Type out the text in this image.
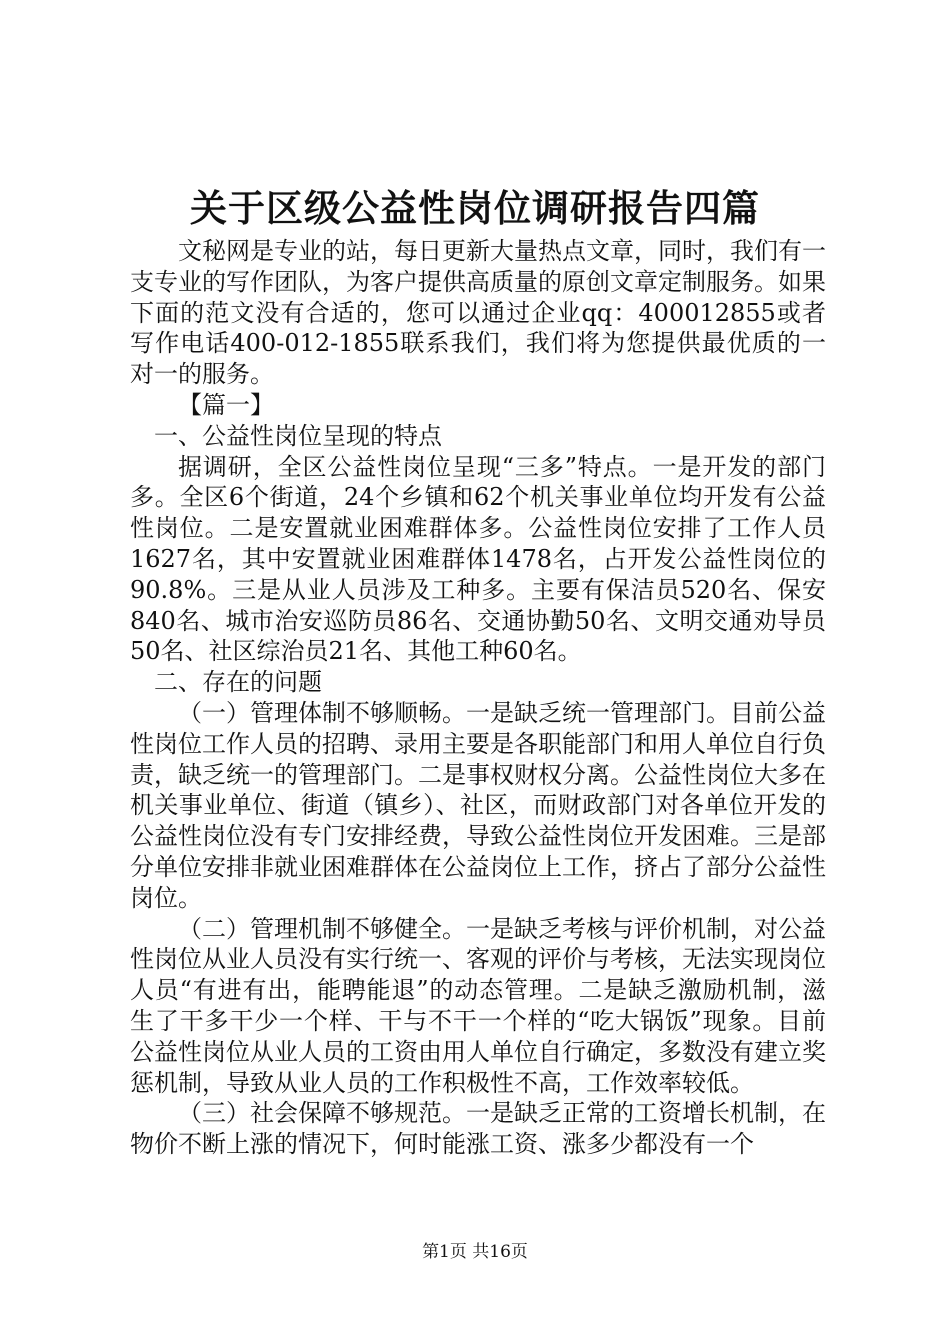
关于区级公益性岗位调研报告四篇

文秘网是专业的站，每日更新大量热点文章，同时，我们有一支专业的写作团队，为客户提供高质量的原创文章定制服务。如果下面的范文没有合适的，您可以通过企业qq：400012855或者写作电话400-012-1855联系我们，我们将为您提供最优质的一对一的服务。

【篇一】

一、公益性岗位呈现的特点

据调研，全区公益性岗位呈现“三多”特点。一是开发的部门多。全区6个街道，24个乡镇和62个机关事业单位均开发有公益性岗位。二是安置就业困难群体多。公益性岗位安排了工作人员1627名，其中安置就业困难群体1478名，占开发公益性岗位的90.8%。三是从业人员涉及工种多。主要有保洁员520名、保安840名、城市治安巡防员86名、交通协勤50名、文明交通劝导员50名、社区综治员21名、其他工种60名。

二、存在的问题

（一）管理体制不够顺畅。一是缺乏统一管理部门。目前公益性岗位工作人员的招聘、录用主要是各职能部门和用人单位自行负责，缺乏统一的管理部门。二是事权财权分离。公益性岗位大多在机关事业单位、街道（镇乡）、社区，而财政部门对各单位开发的公益性岗位没有专门安排经费，导致公益性岗位开发困难。三是部分单位安排非就业困难群体在公益岗位上工作，挤占了部分公益性岗位。

（二）管理机制不够健全。一是缺乏考核与评价机制，对公益性岗位从业人员没有实行统一、客观的评价与考核，无法实现岗位人员“有进有出，能聘能退”的动态管理。二是缺乏激励机制，滋生了干多干少一个样、干与不干一个样的“吃大锅饭”现象。目前公益性岗位从业人员的工资由用人单位自行确定，多数没有建立奖惩机制，导致从业人员的工作积极性不高，工作效率较低。

（三）社会保障不够规范。一是缺乏正常的工资增长机制，在物价不断上涨的情况下，何时能涨工资、涨多少都没有一个

第1页 共16页
